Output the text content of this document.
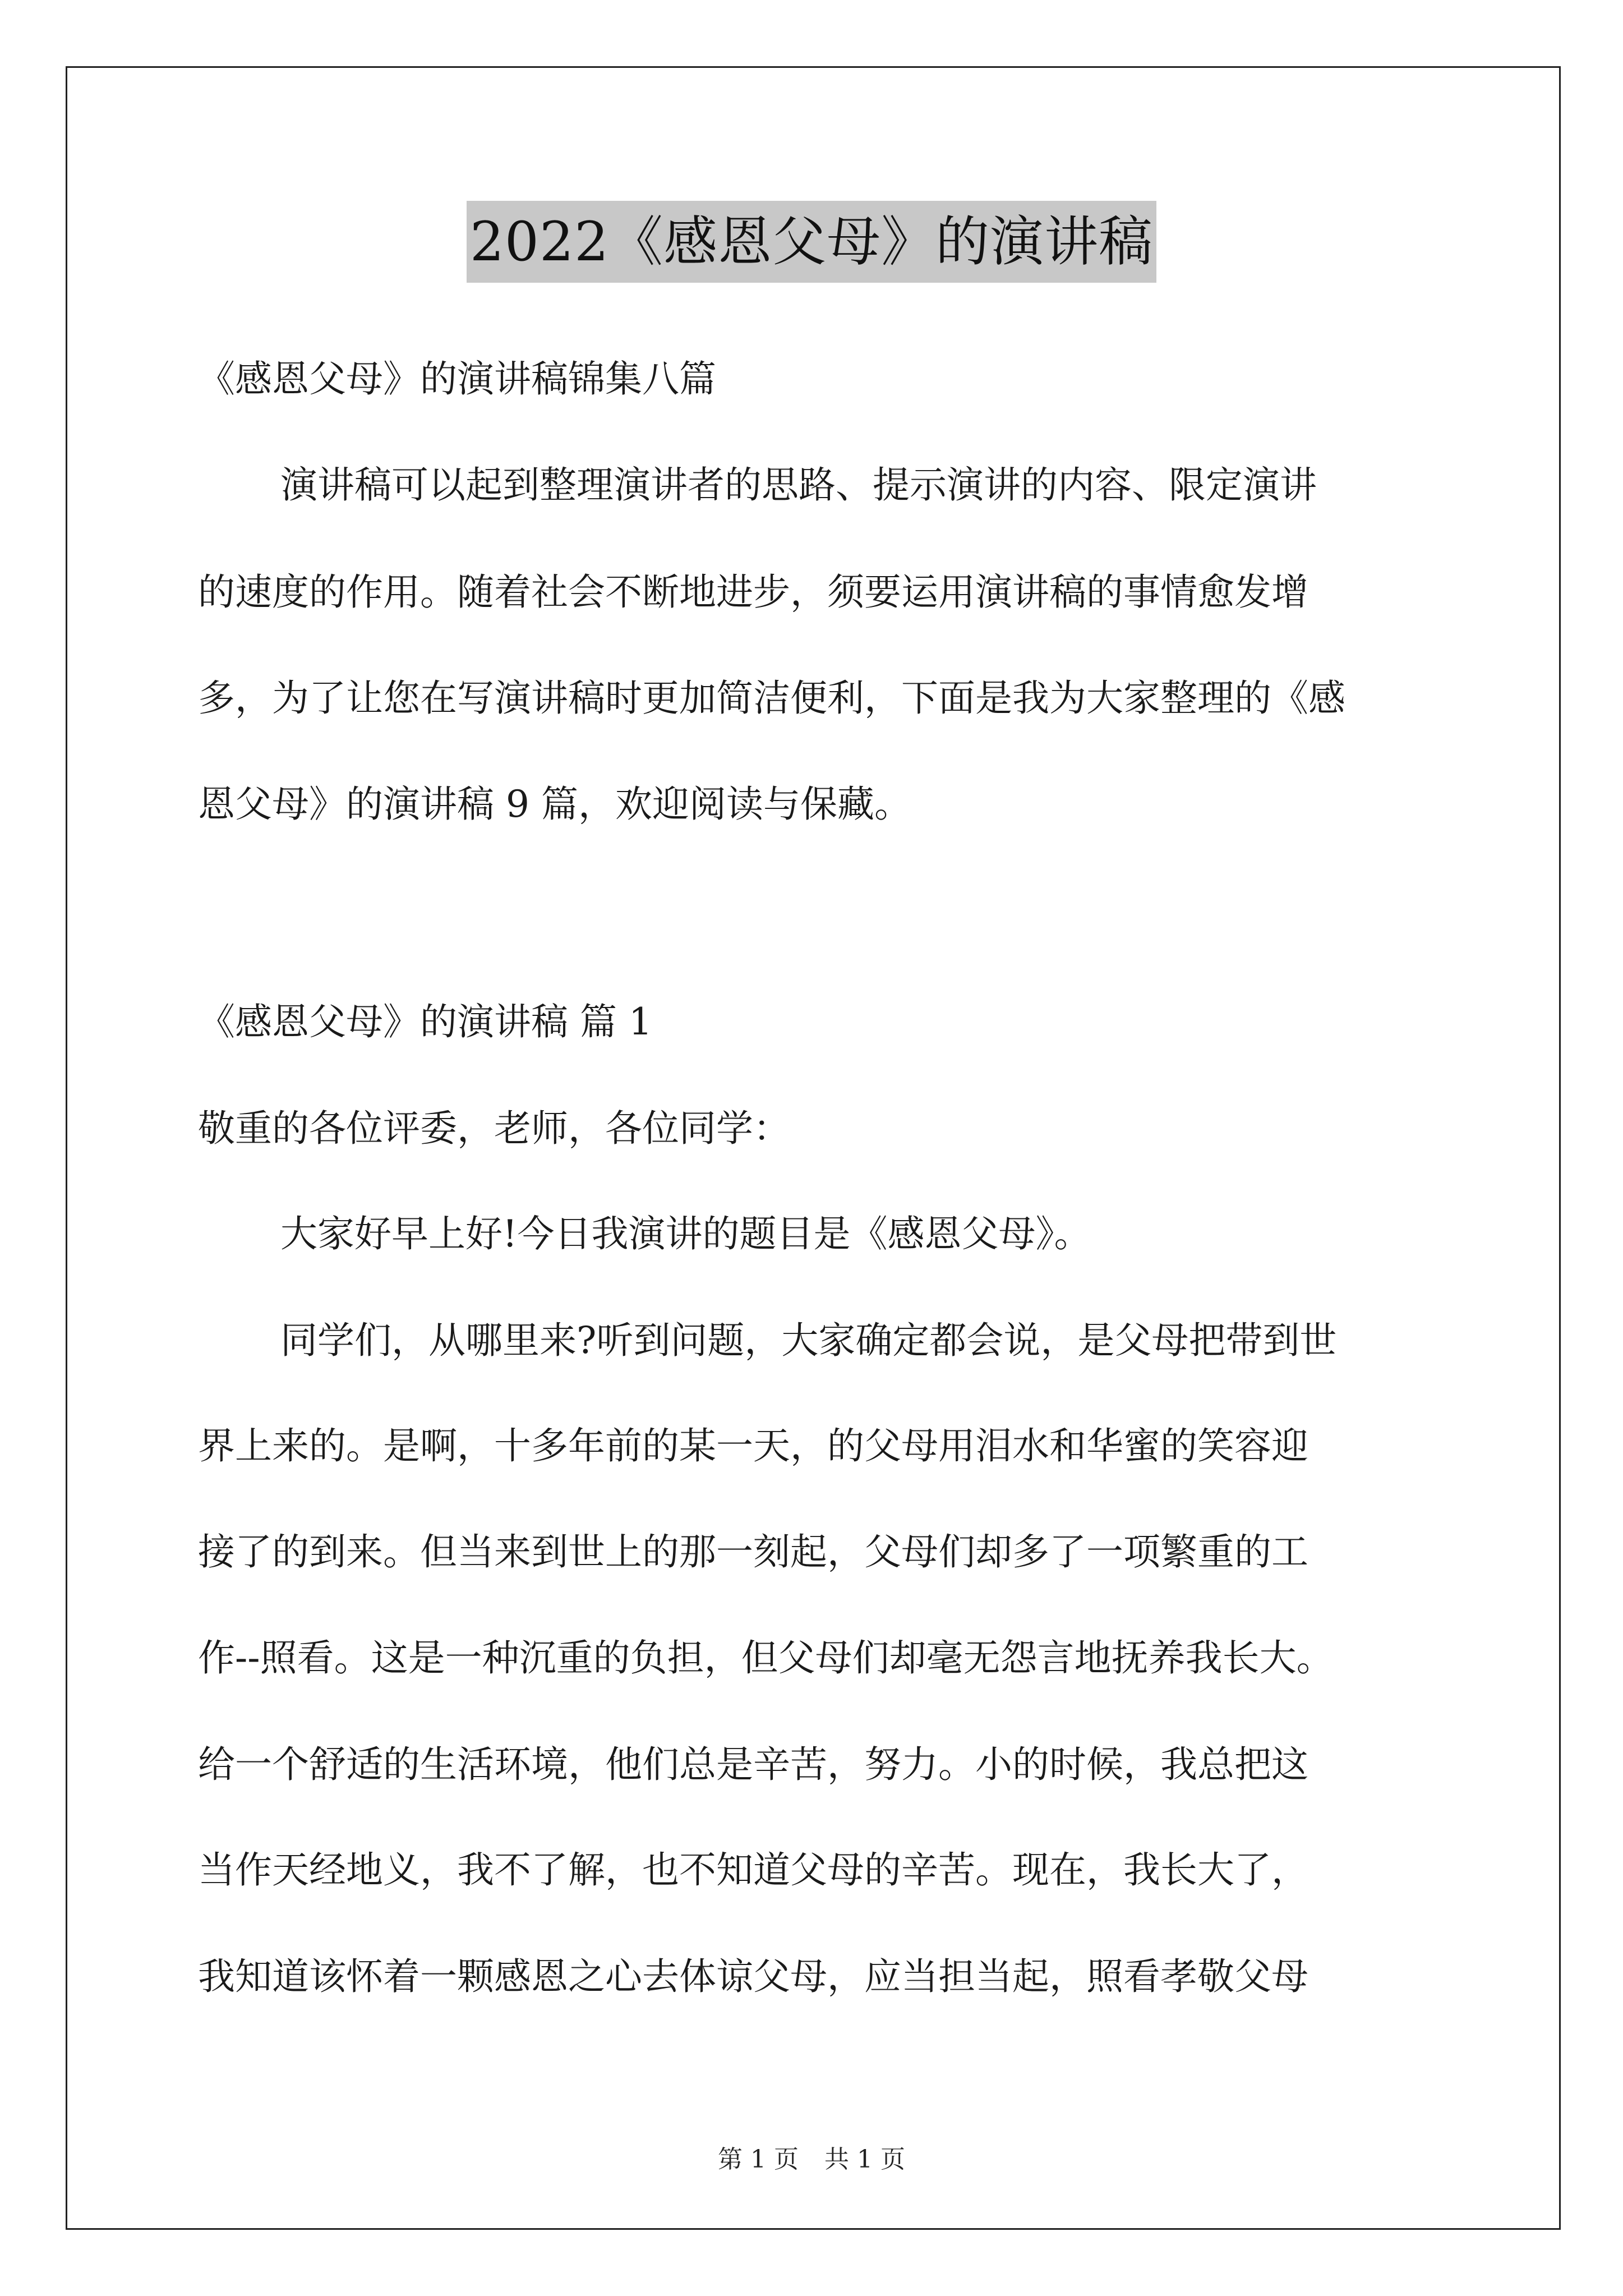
2022《感恩父母》的演讲稿
《感恩父母》的演讲稿锦集八篇
演讲稿可以起到整理演讲者的思路、提示演讲的内容、限定演讲
的速度的作用。随着社会不断地进步，须要运用演讲稿的事情愈发增
多，为了让您在写演讲稿时更加简洁便利，下面是我为大家整理的《感
恩父母》的演讲稿 9 篇，欢迎阅读与保藏。
《感恩父母》的演讲稿 篇 1
敬重的各位评委，老师，各位同学：
大家好早上好!今日我演讲的题目是《感恩父母》。
同学们，从哪里来?听到问题，大家确定都会说，是父母把带到世
界上来的。是啊，十多年前的某一天，的父母用泪水和华蜜的笑容迎
接了的到来。但当来到世上的那一刻起，父母们却多了一项繁重的工
作--照看。这是一种沉重的负担，但父母们却毫无怨言地抚养我长大。
给一个舒适的生活环境，他们总是辛苦，努力。小的时候，我总把这
当作天经地义，我不了解，也不知道父母的辛苦。现在，我长大了，
我知道该怀着一颗感恩之心去体谅父母，应当担当起，照看孝敬父母
第 1 页 共 1 页
